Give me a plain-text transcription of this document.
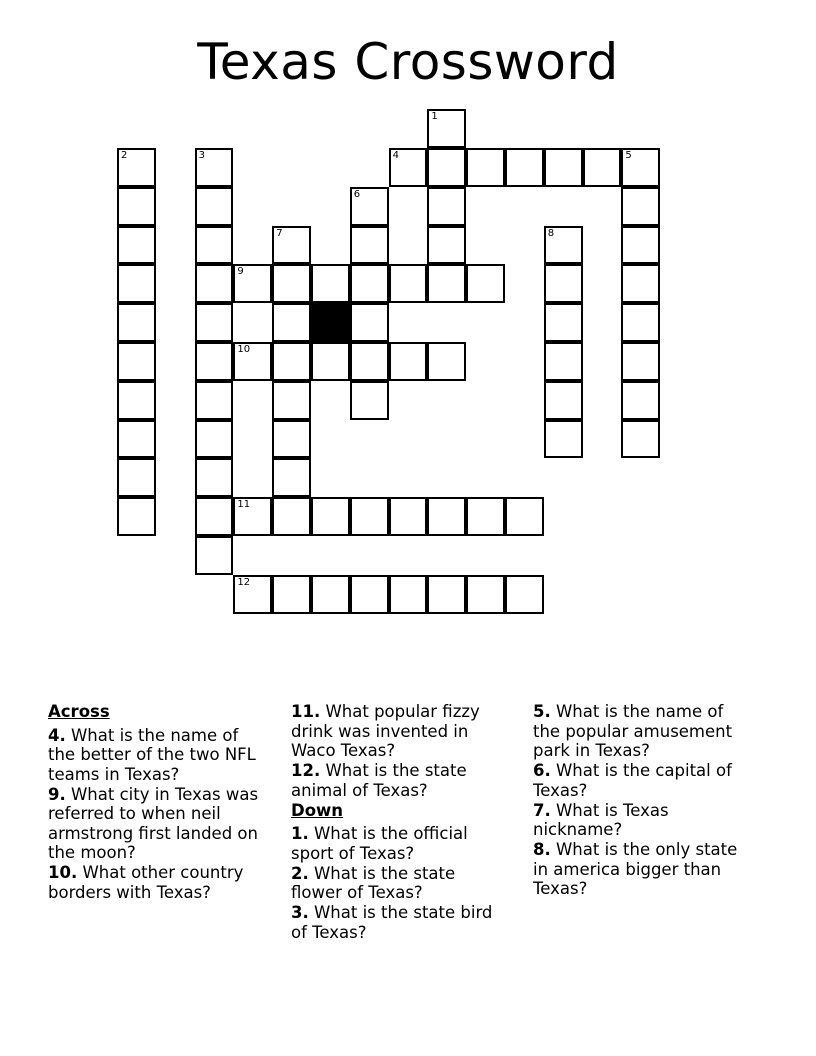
Texas Crossword
1
2	3	4	5
6
7	8
9
10
11
12
Across
4. What is the name of the better of the two NFL teams in Texas?
9. What city in Texas was referred to when neil armstrong first landed on the moon?
10. What other country borders with Texas?
11. What popular fizzy drink was invented in Waco Texas?
12. What is the state animal of Texas?
Down
1. What is the official sport of Texas?
2. What is the state flower of Texas?
3. What is the state bird of Texas?
5. What is the name of the popular amusement park in Texas?
6. What is the capital of Texas?
7. What is Texas nickname?
8. What is the only state in america bigger than Texas?
